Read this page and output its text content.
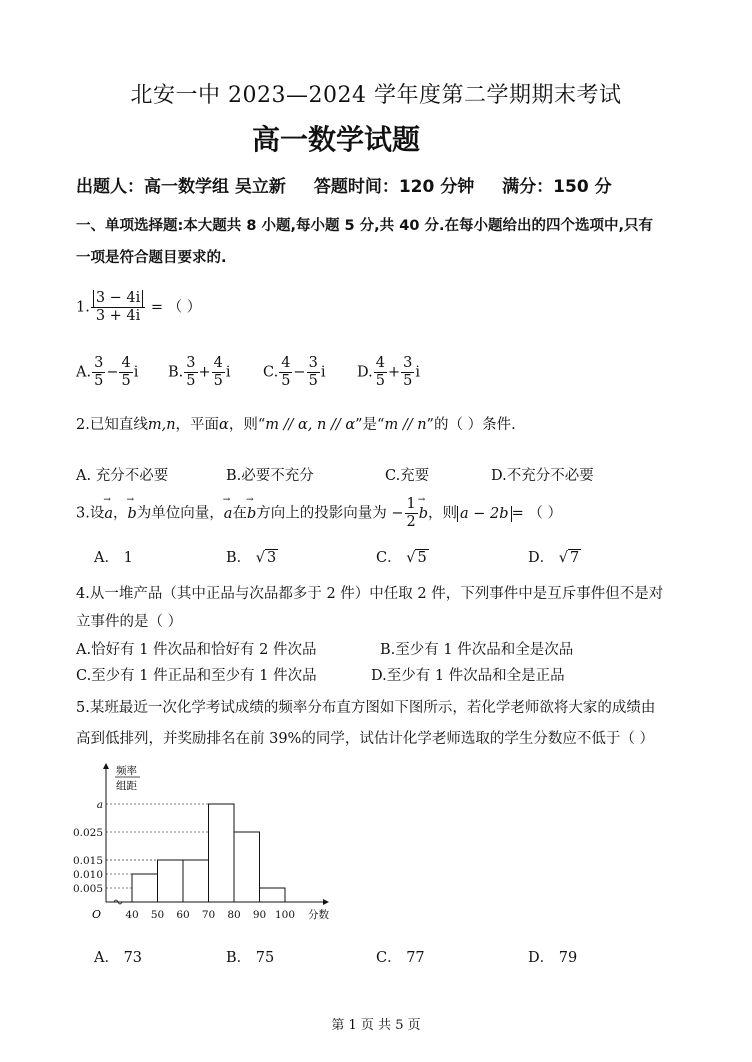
北安一中 2023—2024 学年度第二学期期末考试
高一数学试题
出题人：高一数学组 吴立新 答题时间：120 分钟 满分：150 分
一、单项选择题:本大题共 8 小题,每小题 5 分,共 40 分.在每小题给出的四个选项中,只有
一项是符合题目要求的.
1. $\frac{3 - 4i}{3 + 4i}$ = （ ）
A. $\frac{3}{5} - \frac{4}{5}$ i B. $\frac{3}{5} + \frac{4}{5}$ i C. $\frac{4}{5} - \frac{3}{5}$ i D. $\frac{4}{5} + \frac{3}{5}$ i
2.已知直线m,n，平面α，则“m // α, n // α”是“m // n”的（ ）条件.
A. 充分不必要	B.必要不充分	C.充要	D.不充分不必要
3.设→ a，→ b为单位向量，→ a在→ b方向上的投影向量为 − $\frac{1}{2}$
→ b，则 a − 2b = （ ）
A． 1	B． √ 3	C． √ 5	D． √ 7
4.从一堆产品（其中正品与次品都多于 2 件）中任取 2 件，下列事件中是互斥事件但不是对
立事件的是（ ）
A.恰好有 1 件次品和恰好有 2 件次品	B.至少有 1 件次品和全是次品
C.至少有 1 件正品和至少有 1 件次品	D.至少有 1 件次品和全是正品
5.某班最近一次化学考试成绩的频率分布直方图如下图所示，若化学老师欲将大家的成绩由
高到低排列，并奖励排名在前 39%的同学，试估计化学老师选取的学生分数应不低于（ ）
40 50 60 70 80 90 100
0.005
0.010
0.015
0.025
a
频率
组距
O	分数
A． 73	B． 75	C． 77	D． 79
第 1 页 共 5 页
